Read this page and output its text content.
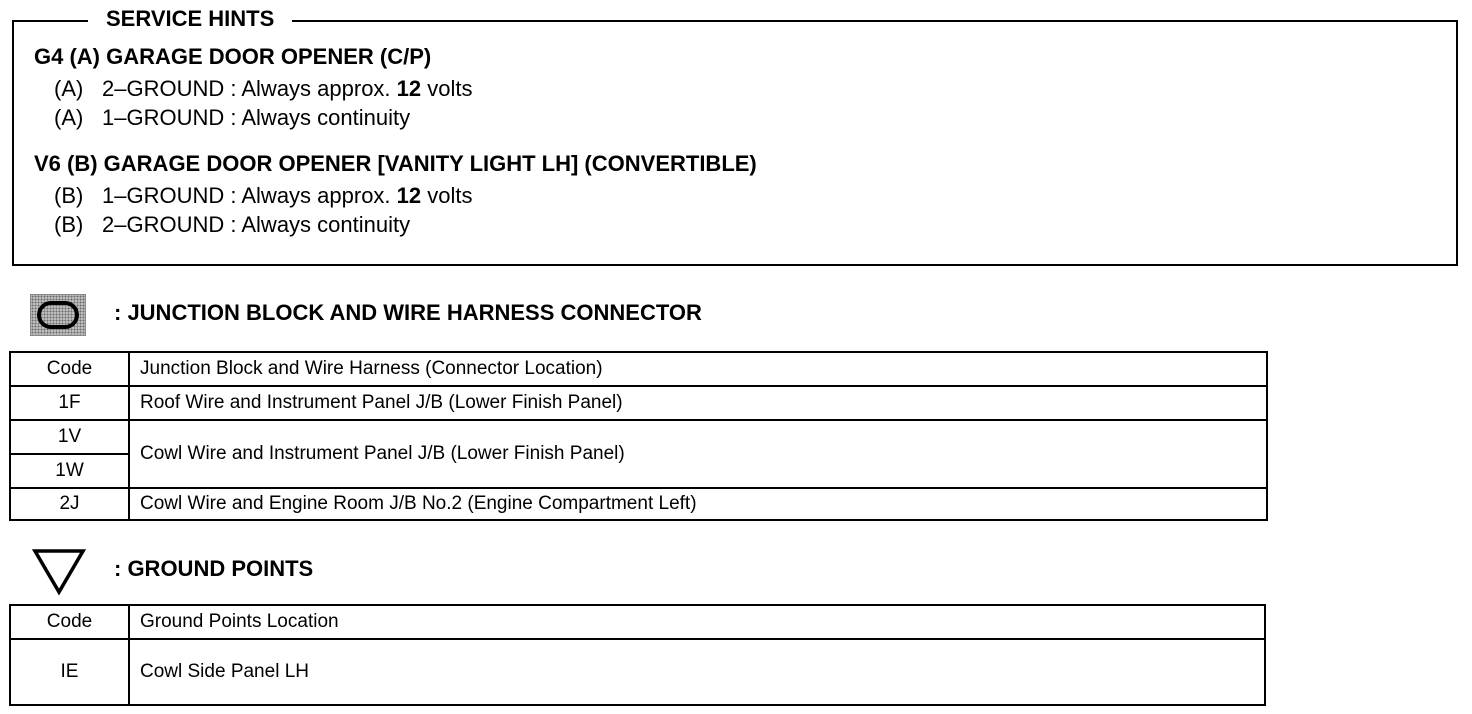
SERVICE HINTS
G4 (A) GARAGE DOOR OPENER (C/P)
(A) 2–GROUND : Always approx. 12 volts
(A) 1–GROUND : Always continuity
V6 (B) GARAGE DOOR OPENER [VANITY LIGHT LH] (CONVERTIBLE)
(B) 1–GROUND : Always approx. 12 volts
(B) 2–GROUND : Always continuity
: JUNCTION BLOCK AND WIRE HARNESS CONNECTOR
Code	Junction Block and Wire Harness (Connector Location)
1F	Roof Wire and Instrument Panel J/B (Lower Finish Panel)
1V	Cowl Wire and Instrument Panel J/B (Lower Finish Panel)
1W	
2J	Cowl Wire and Engine Room J/B No.2 (Engine Compartment Left)
: GROUND POINTS
Code	Ground Points Location
IE	Cowl Side Panel LH
